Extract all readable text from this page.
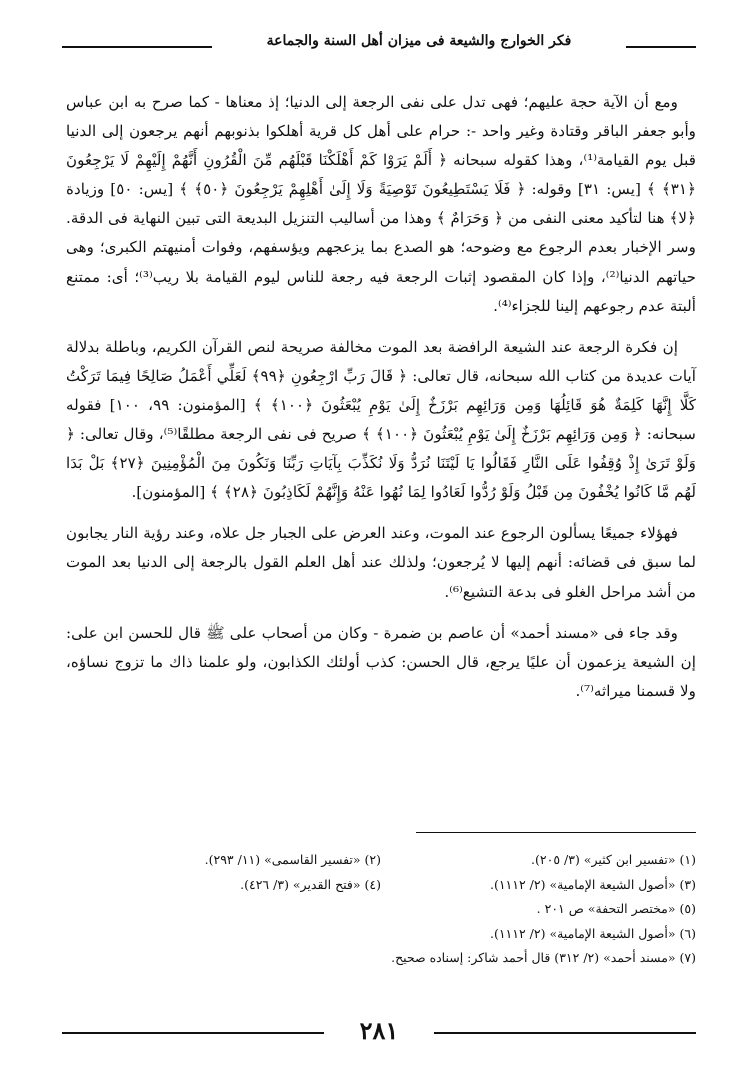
فكر الخوارج والشيعة فى ميزان أهل السنة والجماعة

ومع أن الآية حجة عليهم؛ فهى تدل على نفى الرجعة إلى الدنيا؛ إذ معناها - كما صرح به ابن عباس وأبو جعفر الباقر وقتادة وغير واحد -: حرام على أهل كل قرية أهلكوا بذنوبهم أنهم يرجعون إلى الدنيا قبل يوم القيامة⁽¹⁾، وهذا كقوله سبحانه ﴿ أَلَمْ يَرَوْا كَمْ أَهْلَكْنَا قَبْلَهُم مِّنَ الْقُرُونِ أَنَّهُمْ إِلَيْهِمْ لَا يَرْجِعُونَ ﴿٣١﴾ ﴾ [يس: ٣١] وقوله: ﴿ فَلَا يَسْتَطِيعُونَ تَوْصِيَةً وَلَا إِلَىٰ أَهْلِهِمْ يَرْجِعُونَ ﴿٥٠﴾ ﴾ [يس: ٥٠] وزيادة ﴿لا﴾ هنا لتأكيد معنى النفى من ﴿ وَحَرَامٌ ﴾ وهذا من أساليب التنزيل البديعة التى تبين النهاية فى الدقة. وسر الإخبار بعدم الرجوع مع وضوحه؛ هو الصدع بما يزعجهم ويؤسفهم، وفوات أمنيهتم الكبرى؛ وهى حياتهم الدنيا⁽²⁾، وإذا كان المقصود إثبات الرجعة فيه رجعة للناس ليوم القيامة بلا ريب⁽³⁾؛ أى: ممتنع ألبتة عدم رجوعهم إلينا للجزاء⁽⁴⁾.

إن فكرة الرجعة عند الشيعة الرافضة بعد الموت مخالفة صريحة لنص القرآن الكريم، وباطلة بدلالة آيات عديدة من كتاب الله سبحانه، قال تعالى: ﴿ قَالَ رَبِّ ارْجِعُونِ ﴿٩٩﴾ لَعَلِّي أَعْمَلُ صَالِحًا فِيمَا تَرَكْتُ كَلَّا إِنَّهَا كَلِمَةٌ هُوَ قَائِلُهَا وَمِن وَرَائِهِم بَرْزَخٌ إِلَىٰ يَوْمِ يُبْعَثُونَ ﴿١٠٠﴾ ﴾ [المؤمنون: ٩٩، ١٠٠] فقوله سبحانه: ﴿ وَمِن وَرَائِهِم بَرْزَخٌ إِلَىٰ يَوْمِ يُبْعَثُونَ ﴿١٠٠﴾ ﴾ صريح فى نفى الرجعة مطلقًا⁽⁵⁾، وقال تعالى: ﴿ وَلَوْ تَرَىٰ إِذْ وُقِفُوا عَلَى النَّارِ فَقَالُوا يَا لَيْتَنَا نُرَدُّ وَلَا نُكَذِّبَ بِآيَاتِ رَبِّنَا وَنَكُونَ مِنَ الْمُؤْمِنِينَ ﴿٢٧﴾ بَلْ بَدَا لَهُم مَّا كَانُوا يُخْفُونَ مِن قَبْلُ وَلَوْ رُدُّوا لَعَادُوا لِمَا نُهُوا عَنْهُ وَإِنَّهُمْ لَكَاذِبُونَ ﴿٢٨﴾ ﴾ [المؤمنون].

فهؤلاء جميعًا يسألون الرجوع عند الموت، وعند العرض على الجبار جل علاه، وعند رؤية النار يجابون لما سبق فى قضائه: أنهم إليها لا يُرجعون؛ ولذلك عند أهل العلم القول بالرجعة إلى الدنيا بعد الموت من أشد مراحل الغلو فى بدعة التشيع⁽⁶⁾.

وقد جاء فى «مسند أحمد» أن عاصم بن ضمرة - وكان من أصحاب على ﷺ قال للحسن ابن على: إن الشيعة يزعمون أن عليًا يرجع، قال الحسن: كذب أولئك الكذابون، ولو علمنا ذاك ما تزوج نساؤه، ولا قسمنا ميراثه⁽⁷⁾.

(١) «تفسير ابن كثير» (٣/ ٢٠٥).
(٢) «تفسير القاسمى» (١١/ ٢٩٣).
(٣) «أصول الشيعة الإمامية» (٢/ ١١١٢).
(٤) «فتح القدير» (٣/ ٤٢٦).
(٥) «مختصر التحفة» ص ٢٠١ .
(٦) «أصول الشيعة الإمامية» (٢/ ١١١٢).
(٧) «مسند أحمد» (٢/ ٣١٢) قال أحمد شاكر: إسناده صحيح.
٢٨١
